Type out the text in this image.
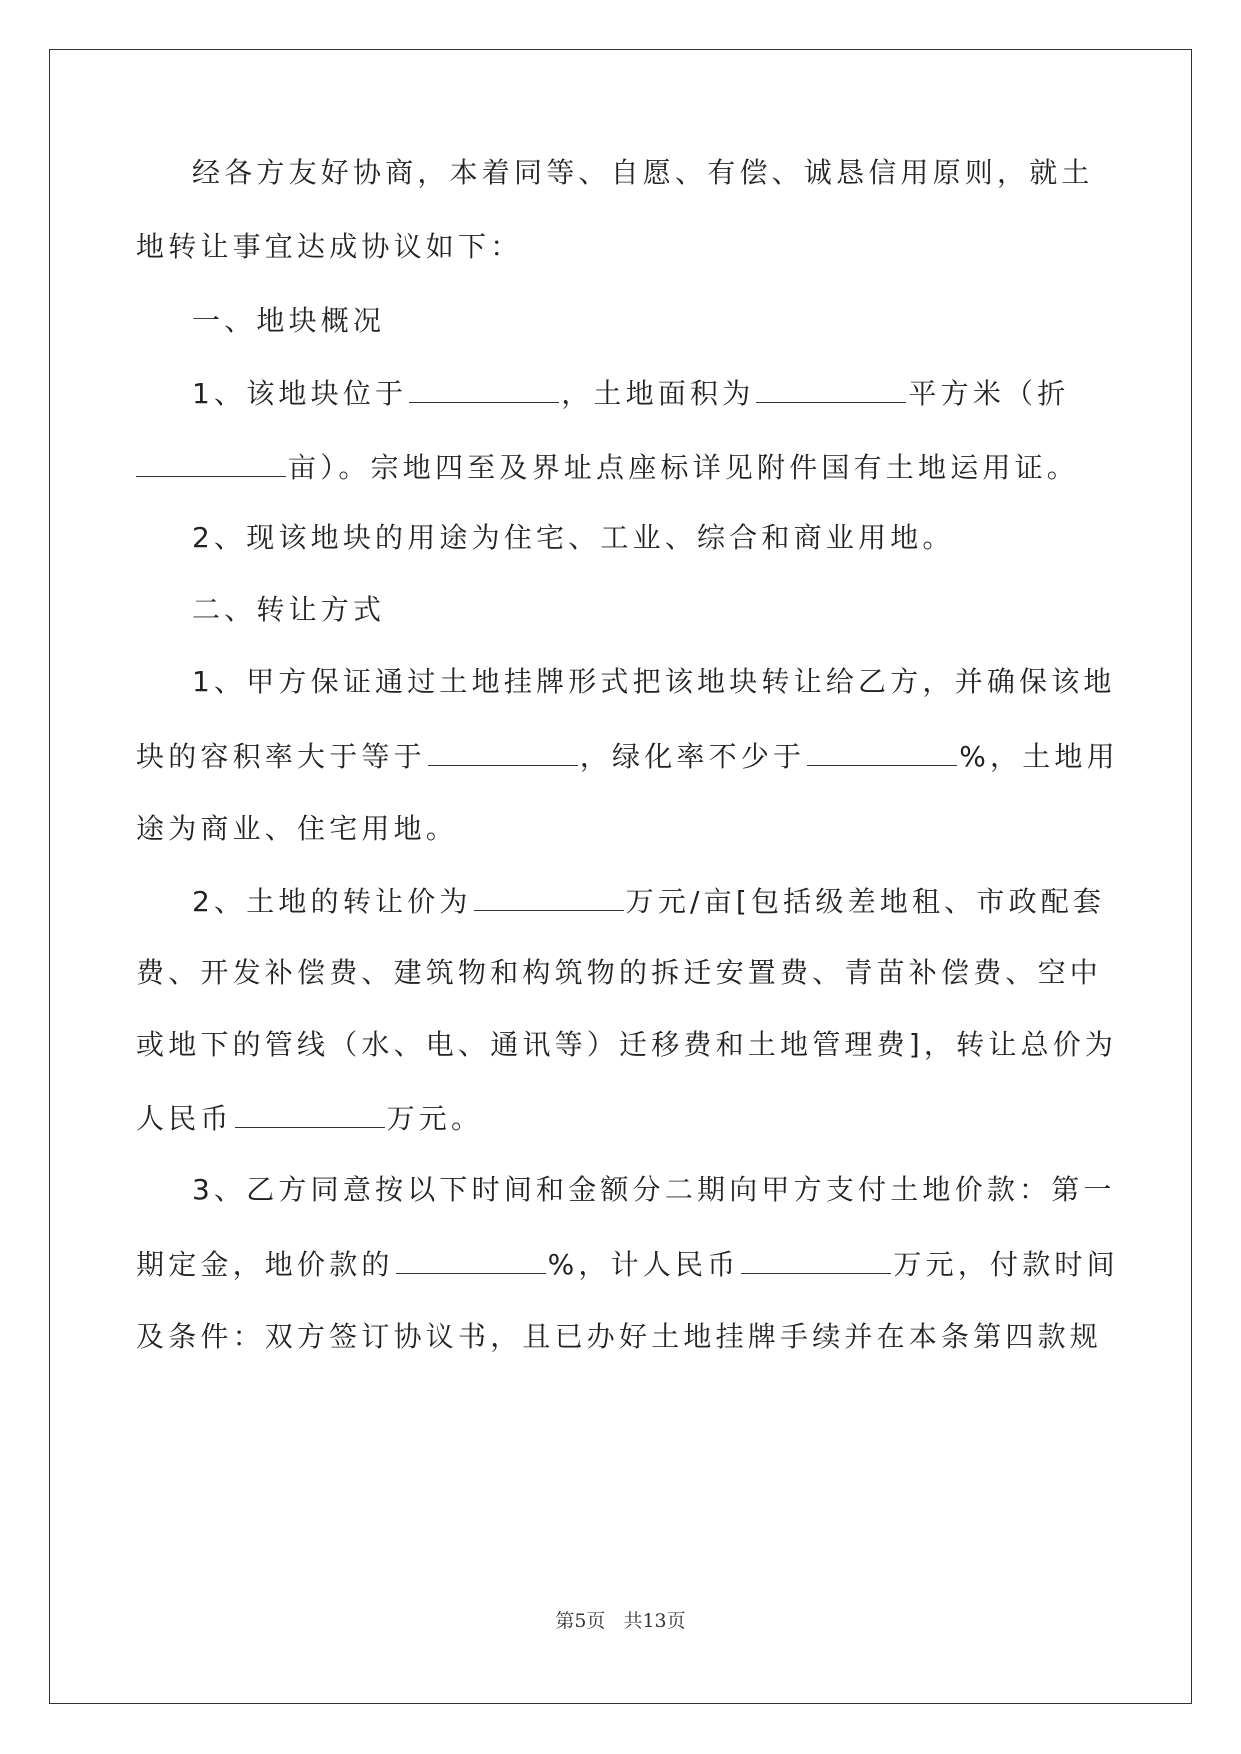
经各方友好协商，本着同等、自愿、有偿、诚恳信用原则，就土
地转让事宜达成协议如下：
一、地块概况
1、该地块位于	，土地面积为	平方米（折
亩）。宗地四至及界址点座标详见附件国有土地运用证。
2、现该地块的用途为住宅、工业、综合和商业用地。
二、转让方式
1、甲方保证通过土地挂牌形式把该地块转让给乙方，并确保该地
块的容积率大于等于	，绿化率不少于	%，土地用
途为商业、住宅用地。
2、土地的转让价为	万元/亩[包括级差地租、市政配套
费、开发补偿费、建筑物和构筑物的拆迁安置费、青苗补偿费、空中
或地下的管线（水、电、通讯等）迁移费和土地管理费]，转让总价为
人民币	万元。
3、乙方同意按以下时间和金额分二期向甲方支付土地价款：第一
期定金，地价款的	%，计人民币	万元，付款时间
及条件：双方签订协议书，且已办好土地挂牌手续并在本条第四款规
第5页 共13页
